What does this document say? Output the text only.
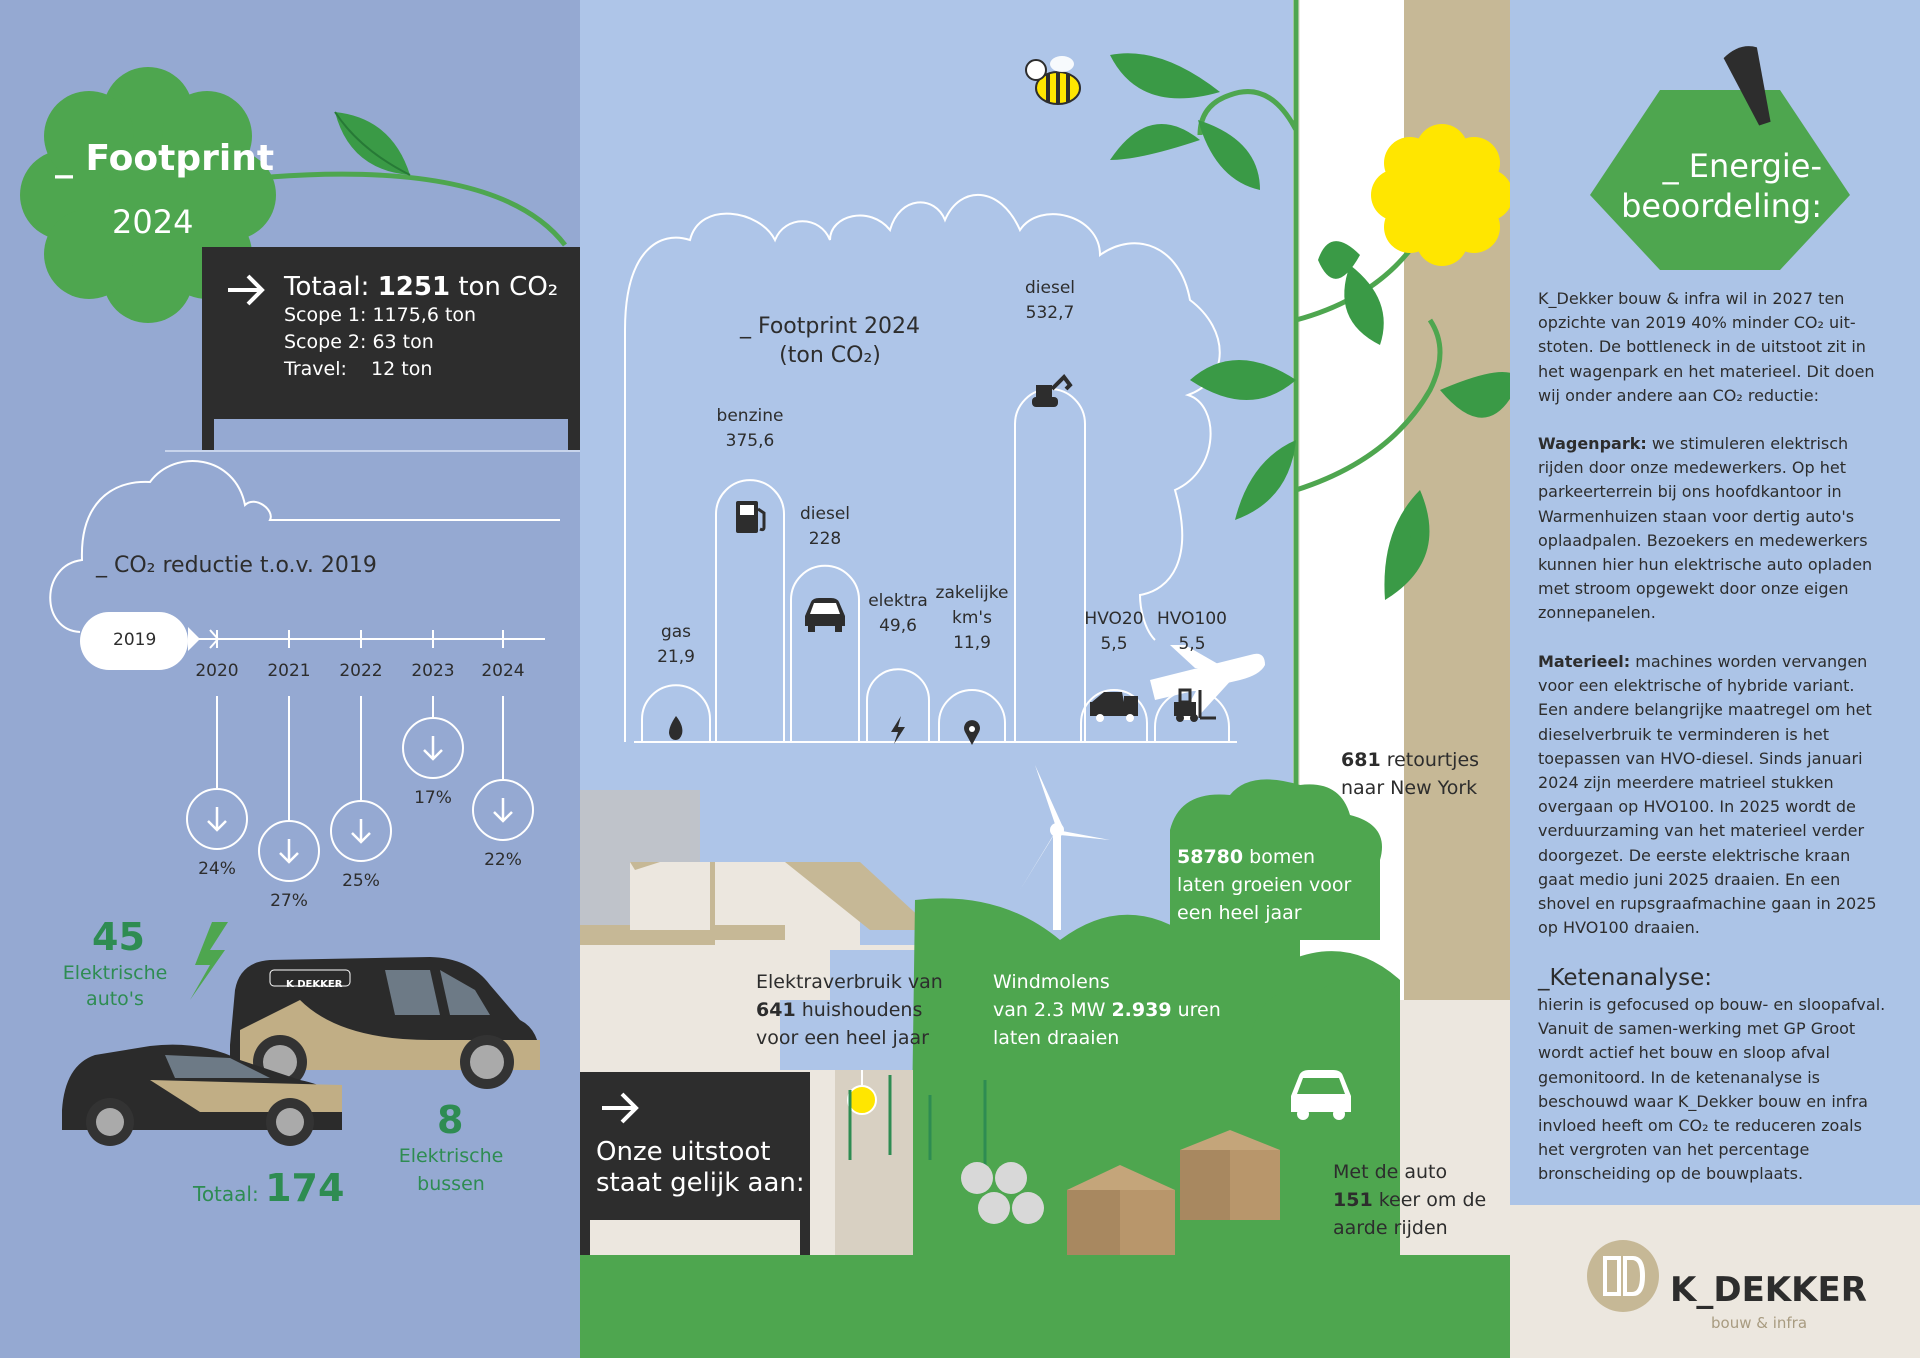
_ Footprint
2024
Totaal: 1251 ton CO₂
Scope 1: 1175,6 ton
Scope 2: 63 ton
Travel:    12 ton
_ CO₂ reductie t.o.v. 2019
2019
2020
24%
2021
27%
2022
25%
2023
17%
2024
22%
45
Elektrische
auto's
K DEKKER
8
Elektrische
bussen
Totaal: 174
gas
21,9
benzine
375,6
diesel
228
elektra
49,6
zakelijke
km's
11,9
diesel
532,7
HVO20
5,5
HVO100
5,5
_ Footprint 2024
(ton CO₂)
Onze uitstoot
staat gelijk aan:
Elektraverbruik van
641 huishoudens
voor een heel jaar
Windmolens
van 2.3 MW 2.939 uren
laten draaien
58780 bomen
laten groeien voor
een heel jaar
681 retourtjes
naar New York
Met de auto
151 keer om de
aarde rijden
_ Energie-
beoordeling:
K_Dekker bouw & infra wil in 2027 ten opzichte van 2019 40% minder CO₂ uit-stoten. De bottleneck in de uitstoot zit in het wagenpark en het materieel. Dit doen wij onder andere aan CO₂ reductie:
Wagenpark: we stimuleren elektrisch rijden door onze medewerkers. Op het parkeerterrein bij ons hoofdkantoor in Warmenhuizen staan voor dertig auto's oplaadpalen. Bezoekers en medewerkers kunnen hier hun elektrische auto opladen met stroom opgewekt door onze eigen zonnepanelen.
Materieel: machines worden vervangen voor een elektrische of hybride variant. Een andere belangrijke maatregel om het dieselverbruik te verminderen is het toepassen van HVO-diesel. Sinds januari 2024 zijn meerdere matrieel stukken overgaan op HVO100. In 2025 wordt de verduurzaming van het materieel verder doorgezet. De eerste elektrische kraan gaat medio juni 2025 draaien. En een shovel en rupsgraafmachine gaan in 2025 op HVO100 draaien.
_Ketenanalyse:
hierin is gefocused op bouw- en sloopafval. Vanuit de samen-werking met GP Groot wordt actief het bouw en sloop afval gemonitoord. In de ketenanalyse is beschouwd waar K_Dekker bouw en infra invloed heeft om CO₂ te reduceren zoals het vergroten van het percentage bronscheiding op de bouwplaats.
K_DEKKER
bouw & infra
